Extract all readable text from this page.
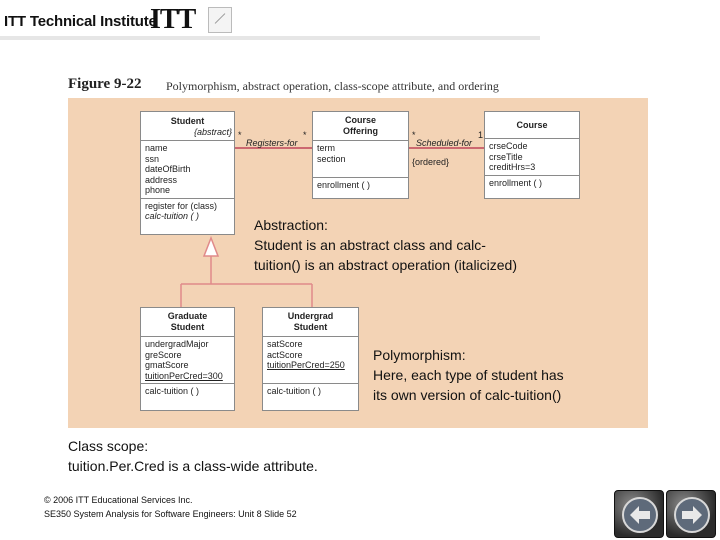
ITT Technical Institute
ITT
Figure 9-22 Polymorphism, abstract operation, class-scope attribute, and ordering
Student
{abstract}
name
ssn
dateOfBirth
address
phone
register for (class)
calc-tuition ( )
Course
Offering
term
section
enrollment ( )
Course
crseCode
crseTitle
creditHrs=3
enrollment ( )
Graduate
Student
undergradMajor
greScore
gmatScore
tuitionPerCred=300
calc-tuition ( )
Undergrad
Student
satScore
actScore
tuitionPerCred=250
calc-tuition ( )
Registers-for	Scheduled-for
{ordered}
*	*	*	1
Abstraction:
Student is an abstract class and calc-
tuition() is an abstract operation (italicized)
Polymorphism:
Here, each type of student has
its own version of calc-tuition()
Class scope:
tuition.Per.Cred is a class-wide attribute.
© 2006 ITT Educational Services Inc.
SE350 System Analysis for Software Engineers: Unit 8 Slide 52
